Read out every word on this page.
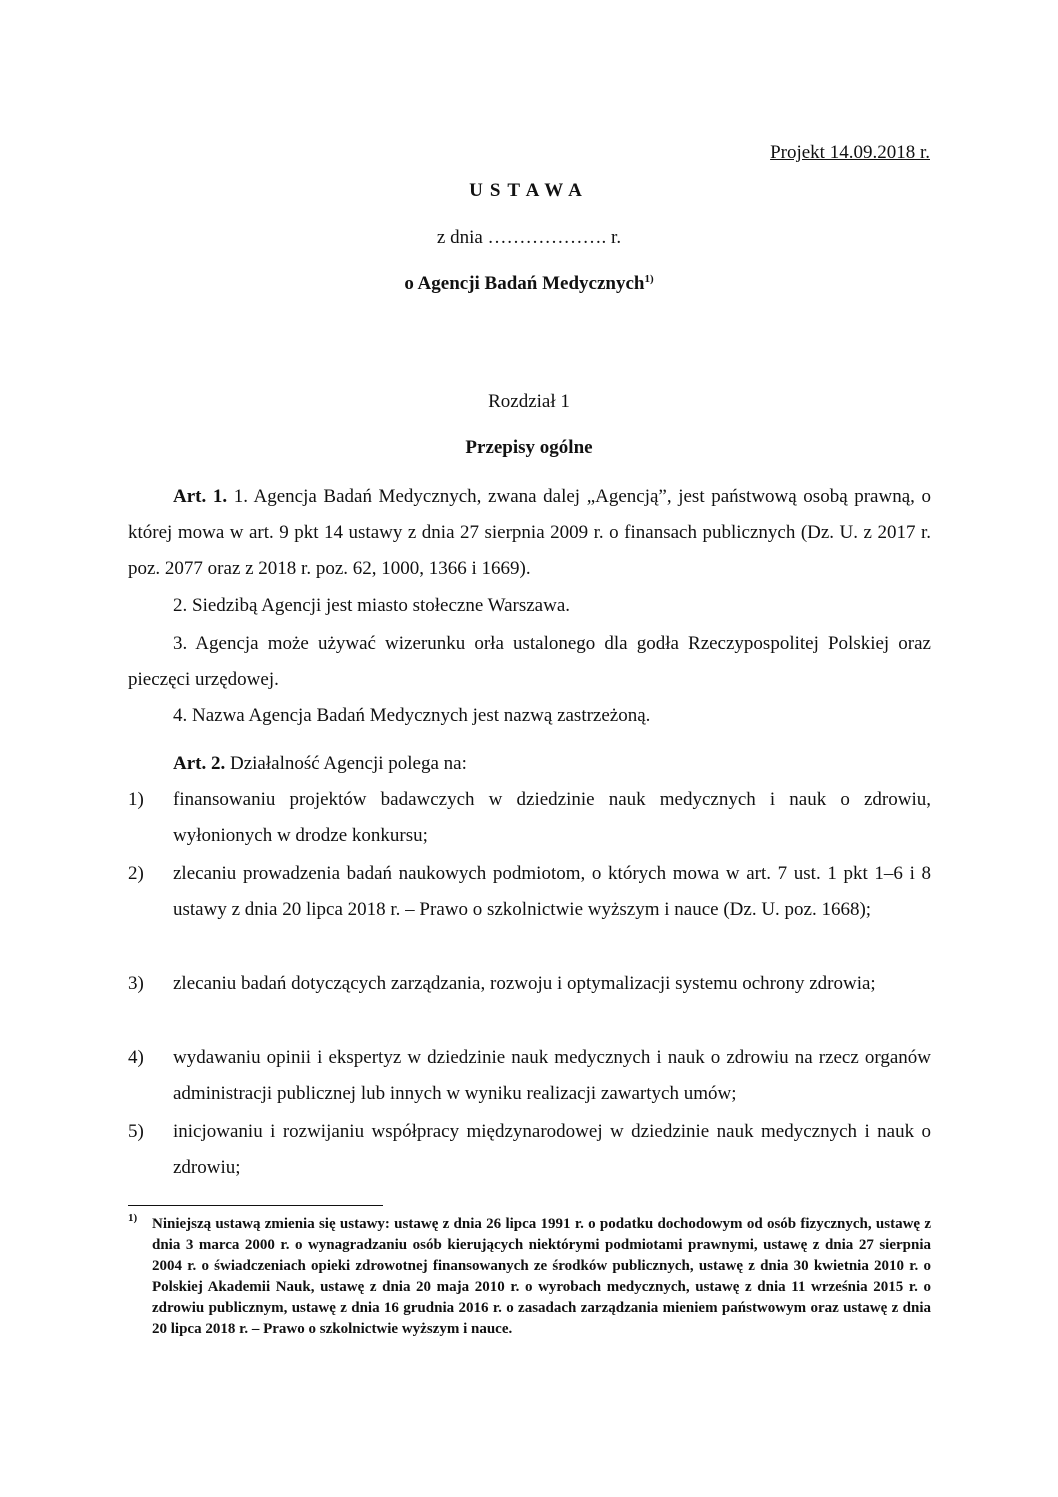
Projekt 14.09.2018 r.
USTAWA
z dnia ………………. r.
o Agencji Badań Medycznych$^{1)}$
Rozdział 1
Przepisy ogólne
Art. 1. 1. Agencja Badań Medycznych, zwana dalej „Agencją”, jest państwową osobą prawną, o której mowa w art. 9 pkt 14 ustawy z dnia 27 sierpnia 2009 r. o finansach publicznych (Dz. U. z 2017 r. poz. 2077 oraz z 2018 r. poz. 62, 1000, 1366 i 1669).
2. Siedzibą Agencji jest miasto stołeczne Warszawa.
3. Agencja może używać wizerunku orła ustalonego dla godła Rzeczypospolitej Polskiej oraz pieczęci urzędowej.
4. Nazwa Agencja Badań Medycznych jest nazwą zastrzeżoną.
Art. 2. Działalność Agencji polega na:
1) finansowaniu projektów badawczych w dziedzinie nauk medycznych i nauk o zdrowiu, wyłonionych w drodze konkursu;
2) zlecaniu prowadzenia badań naukowych podmiotom, o których mowa w art. 7 ust. 1 pkt 1–6 i 8 ustawy z dnia 20 lipca 2018 r. – Prawo o szkolnictwie wyższym i nauce (Dz. U. poz. 1668);
3) zlecaniu badań dotyczących zarządzania, rozwoju i optymalizacji systemu ochrony zdrowia;
4) wydawaniu opinii i ekspertyz w dziedzinie nauk medycznych i nauk o zdrowiu na rzecz organów administracji publicznej lub innych w wyniku realizacji zawartych umów;
5) inicjowaniu i rozwijaniu współpracy międzynarodowej w dziedzinie nauk medycznych i nauk o zdrowiu;
1) Niniejszą ustawą zmienia się ustawy: ustawę z dnia 26 lipca 1991 r. o podatku dochodowym od osób fizycznych, ustawę z dnia 3 marca 2000 r. o wynagradzaniu osób kierujących niektórymi podmiotami prawnymi, ustawę z dnia 27 sierpnia 2004 r. o świadczeniach opieki zdrowotnej finansowanych ze środków publicznych, ustawę z dnia 30 kwietnia 2010 r. o Polskiej Akademii Nauk, ustawę z dnia 20 maja 2010 r. o wyrobach medycznych, ustawę z dnia 11 września 2015 r. o zdrowiu publicznym, ustawę z dnia 16 grudnia 2016 r. o zasadach zarządzania mieniem państwowym oraz ustawę z dnia 20 lipca 2018 r. – Prawo o szkolnictwie wyższym i nauce.
